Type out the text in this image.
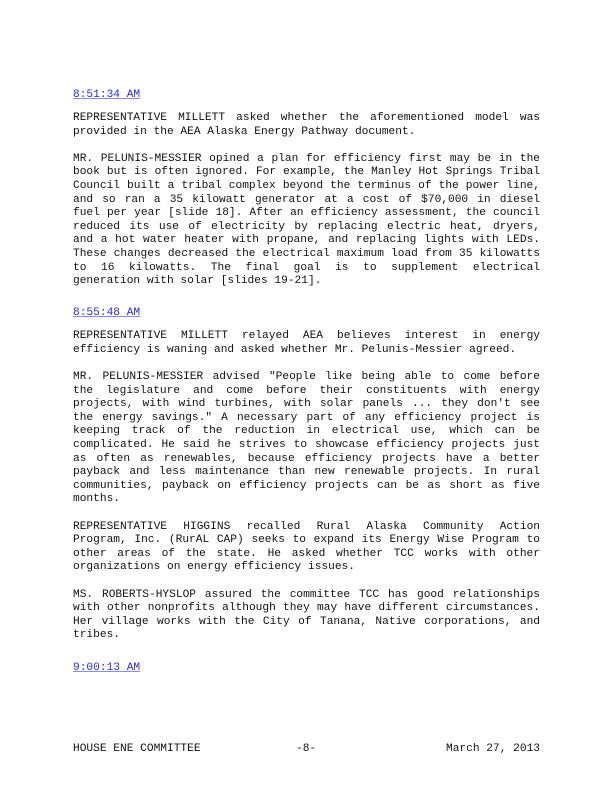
8:51:34 AM

REPRESENTATIVE MILLETT asked whether the aforementioned model was provided in the AEA Alaska Energy Pathway document.

MR. PELUNIS-MESSIER opined a plan for efficiency first may be in the book but is often ignored. For example, the Manley Hot Springs Tribal Council built a tribal complex beyond the terminus of the power line, and so ran a 35 kilowatt generator at a cost of $70,000 in diesel fuel per year [slide 18]. After an efficiency assessment, the council reduced its use of electricity by replacing electric heat, dryers, and a hot water heater with propane, and replacing lights with LEDs. These changes decreased the electrical maximum load from 35 kilowatts to 16 kilowatts. The final goal is to supplement electrical generation with solar [slides 19-21].

8:55:48 AM

REPRESENTATIVE MILLETT relayed AEA believes interest in energy efficiency is waning and asked whether Mr. Pelunis-Messier agreed.

MR. PELUNIS-MESSIER advised "People like being able to come before the legislature and come before their constituents with energy projects, with wind turbines, with solar panels ... they don't see the energy savings." A necessary part of any efficiency project is keeping track of the reduction in electrical use, which can be complicated. He said he strives to showcase efficiency projects just as often as renewables, because efficiency projects have a better payback and less maintenance than new renewable projects. In rural communities, payback on efficiency projects can be as short as five months.

REPRESENTATIVE HIGGINS recalled Rural Alaska Community Action Program, Inc. (RurAL CAP) seeks to expand its Energy Wise Program to other areas of the state. He asked whether TCC works with other organizations on energy efficiency issues.

MS. ROBERTS-HYSLOP assured the committee TCC has good relationships with other nonprofits although they may have different circumstances. Her village works with the City of Tanana, Native corporations, and tribes.

9:00:13 AM
HOUSE ENE COMMITTEE	-8-	March 27, 2013
